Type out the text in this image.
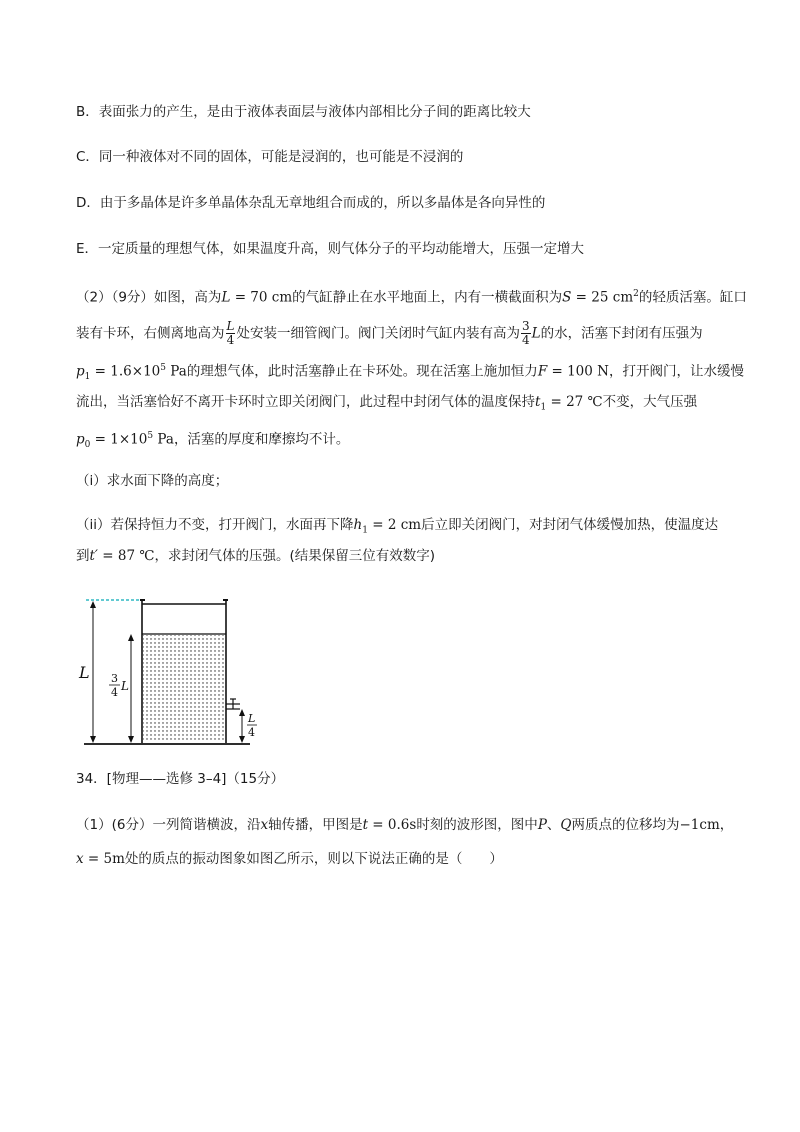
B．表面张力的产生，是由于液体表面层与液体内部相比分子间的距离比较大
C．同一种液体对不同的固体，可能是浸润的，也可能是不浸润的
D．由于多晶体是许多单晶体杂乱无章地组合而成的，所以多晶体是各向异性的
E．一定质量的理想气体，如果温度升高，则气体分子的平均动能增大，压强一定增大
（2）（9分）如图，高为L = 70 cm的气缸静止在水平地面上，内有一横截面积为S = 25 $cm^2$的轻质活塞。缸口
装有卡环，右侧离地高为 $\frac{L}{4}$ 处安装一细管阀门。阀门关闭时气缸内装有高为 $\frac{3}{4}$ L的水，活塞下封闭有压强为
$p_1 = 1.6\times 10^5$ Pa的理想气体，此时活塞静止在卡环处。现在活塞上施加恒力F = 100 N，打开阀门，让水缓慢
流出，当活塞恰好不离开卡环时立即关闭阀门，此过程中封闭气体的温度保持$t_1 = 27$ ℃不变，大气压强
$p_0 = 1\times 10^5$ Pa，活塞的厚度和摩擦均不计。
（i）求水面下降的高度；
（ii）若保持恒力不变，打开阀门，水面再下降$h_1 = 2$ cm后立即关闭阀门，对封闭气体缓慢加热，使温度达
到t′ = 87 ℃，求封闭气体的压强。(结果保留三位有效数字)
L 3
4 L
L
4
34．[物理——选修 3–4]（15分）
（1）(6分）一列简谐横波，沿x轴传播，甲图是t = 0.6s时刻的波形图，图中P、Q两质点的位移均为−1cm，
x = 5m处的质点的振动图象如图乙所示，则以下说法正确的是（　　）
